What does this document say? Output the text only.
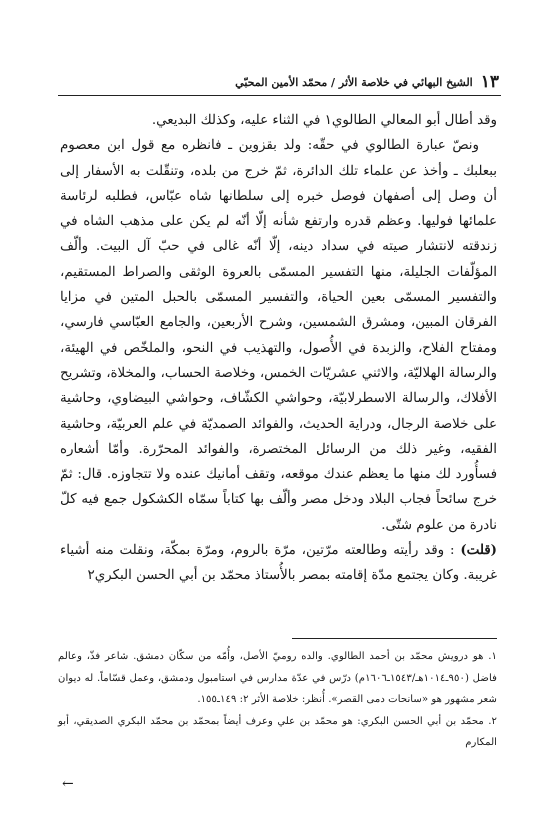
١٣
الشيخ البهائي في خلاصة الأثر / محمّد الأمين المحبّي

وقد أطال أبو المعالي الطالوي١ في الثناء عليه، وكذلك البديعي.

ونصّ عبارة الطالوي في حقّه: ولد بقزوين ـ فانظره مع قول ابن معصوم ببعلبك ـ وأخذ عن علماء تلك الدائرة، ثمّ خرج من بلده، وتنقّلت به الأسفار إلى أن وصل إلى أصفهان فوصل خبره إلى سلطانها شاه عبّاس، فطلبه لرئاسة علمائها فوليها. وعظم قدره وارتفع شأنه إلّا أنّه لم يكن على مذهب الشاه في زندقته لانتشار صيته في سداد دينه، إلّا أنّه غالى في حبّ آل البيت. وألّف المؤلّفات الجليلة، منها التفسير المسمّى بالعروة الوثقى والصراط المستقيم، والتفسير المسمّى بعين الحياة، والتفسير المسمّى بالحبل المتين في مزايا الفرقان المبين، ومشرق الشمسين، وشرح الأربعين، والجامع العبّاسي فارسي، ومفتاح الفلاح، والزبدة في الأُصول، والتهذيب في النحو، والملخّص في الهيئة، والرسالة الهلاليّة، والاثني عشريّات الخمس، وخلاصة الحساب، والمخلاة، وتشريح الأفلاك، والرسالة الاسطرلابيّة، وحواشي الكشّاف، وحواشي البيضاوي، وحاشية على خلاصة الرجال، ودراية الحديث، والفوائد الصمديّة في علم العربيّة، وحاشية الفقيه، وغير ذلك من الرسائل المختصرة، والفوائد المحرّرة. وأمّا أشعاره فسأُورد لك منها ما يعظم عندك موقعه، وتقف أمانيك عنده ولا تتجاوزه. قال: ثمّ خرج سائحاً فجاب البلاد ودخل مصر وألّف بها كتاباً سمّاه الكشكول جمع فيه كلّ نادرة من علوم شتّى.

(قلت) : وقد رأيته وطالعته مرّتين، مرّة بالروم، ومرّة بمكّة، ونقلت منه أشياء غريبة. وكان يجتمع مدّة إقامته بمصر بالأُستاذ محمّد بن أبي الحسن البكري٢

١. هو درويش محمّد بن أحمد الطالوي. والده روميّ الأصل، وأُمّه من سكّان دمشق. شاعر فذّ، وعالم فاضل (٩٥٠ـ١٠١٤هـ/١٥٤٣ـ١٦٠٦م) درّس في عدّة مدارس في استامبول ودمشق، وعمل قسّاماً. له ديوان شعر مشهور هو «سانحات دمى القصر». أُنظر: خلاصة الأثر ٢: ١٤٩ـ١٥٥.

٢. محمّد بن أبي الحسن البكري: هو محمّد بن علي وعرف أيضاً بمحمّد بن محمّد البكري الصديقي، أبو المكارم

←
